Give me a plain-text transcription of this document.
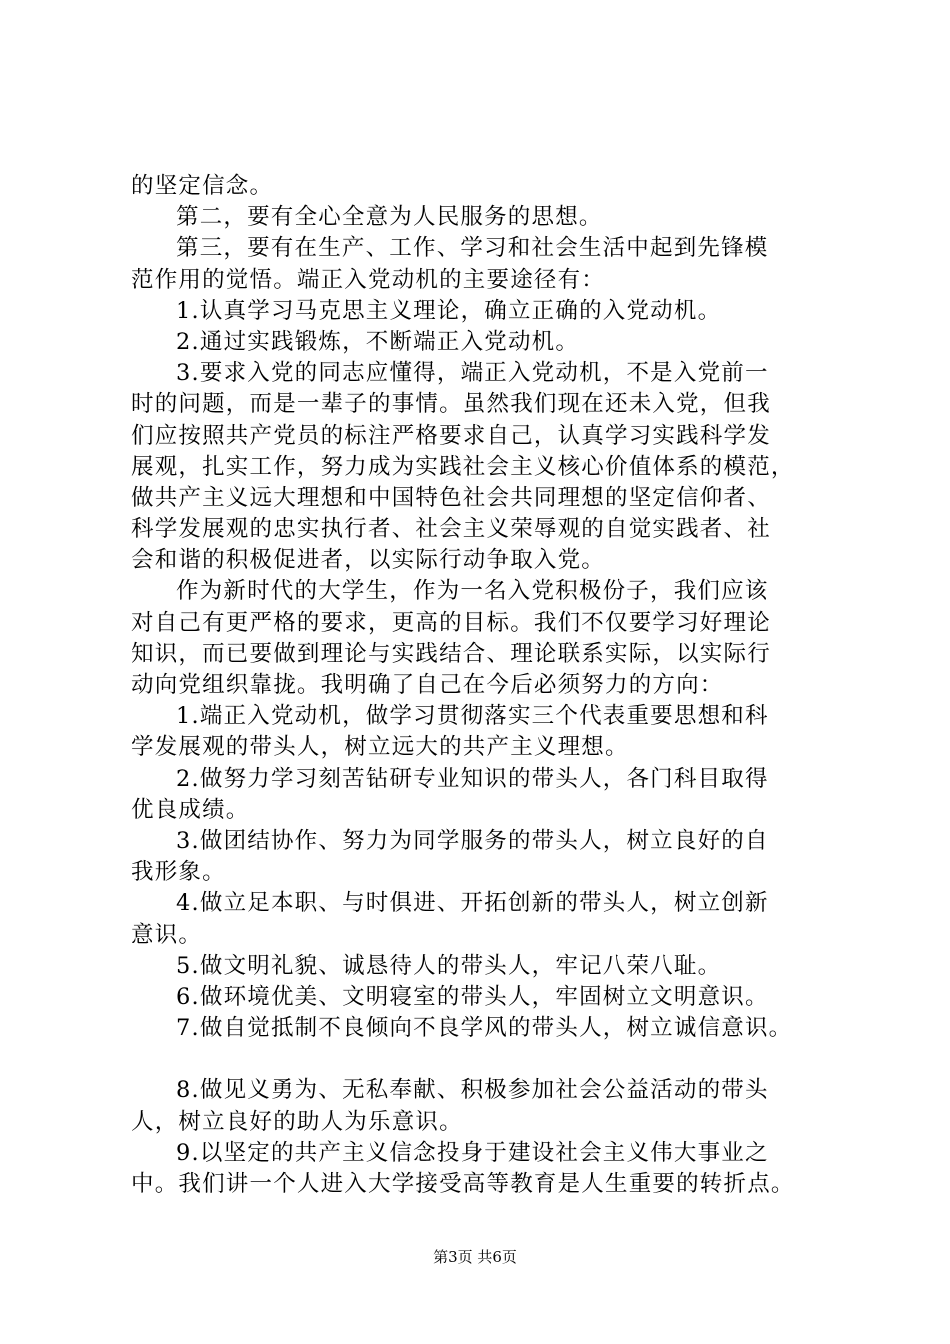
的坚定信念。
第二，要有全心全意为人民服务的思想。
第三，要有在生产、工作、学习和社会生活中起到先锋模
范作用的觉悟。端正入党动机的主要途径有：
1.认真学习马克思主义理论，确立正确的入党动机。
2.通过实践锻炼，不断端正入党动机。
3.要求入党的同志应懂得，端正入党动机，不是入党前一
时的问题，而是一辈子的事情。虽然我们现在还未入党，但我
们应按照共产党员的标注严格要求自己，认真学习实践科学发
展观，扎实工作，努力成为实践社会主义核心价值体系的模范，
做共产主义远大理想和中国特色社会共同理想的坚定信仰者、
科学发展观的忠实执行者、社会主义荣辱观的自觉实践者、社
会和谐的积极促进者，以实际行动争取入党。
作为新时代的大学生，作为一名入党积极份子，我们应该
对自己有更严格的要求，更高的目标。我们不仅要学习好理论
知识，而已要做到理论与实践结合、理论联系实际，以实际行
动向党组织靠拢。我明确了自己在今后必须努力的方向：
1.端正入党动机，做学习贯彻落实三个代表重要思想和科
学发展观的带头人，树立远大的共产主义理想。
2.做努力学习刻苦钻研专业知识的带头人，各门科目取得
优良成绩。
3.做团结协作、努力为同学服务的带头人，树立良好的自
我形象。
4.做立足本职、与时俱进、开拓创新的带头人，树立创新
意识。
5.做文明礼貌、诚恳待人的带头人，牢记八荣八耻。
6.做环境优美、文明寝室的带头人，牢固树立文明意识。
7.做自觉抵制不良倾向不良学风的带头人，树立诚信意识。
8.做见义勇为、无私奉献、积极参加社会公益活动的带头
人，树立良好的助人为乐意识。
9.以坚定的共产主义信念投身于建设社会主义伟大事业之
中。我们讲一个人进入大学接受高等教育是人生重要的转折点。
第3页 共6页
